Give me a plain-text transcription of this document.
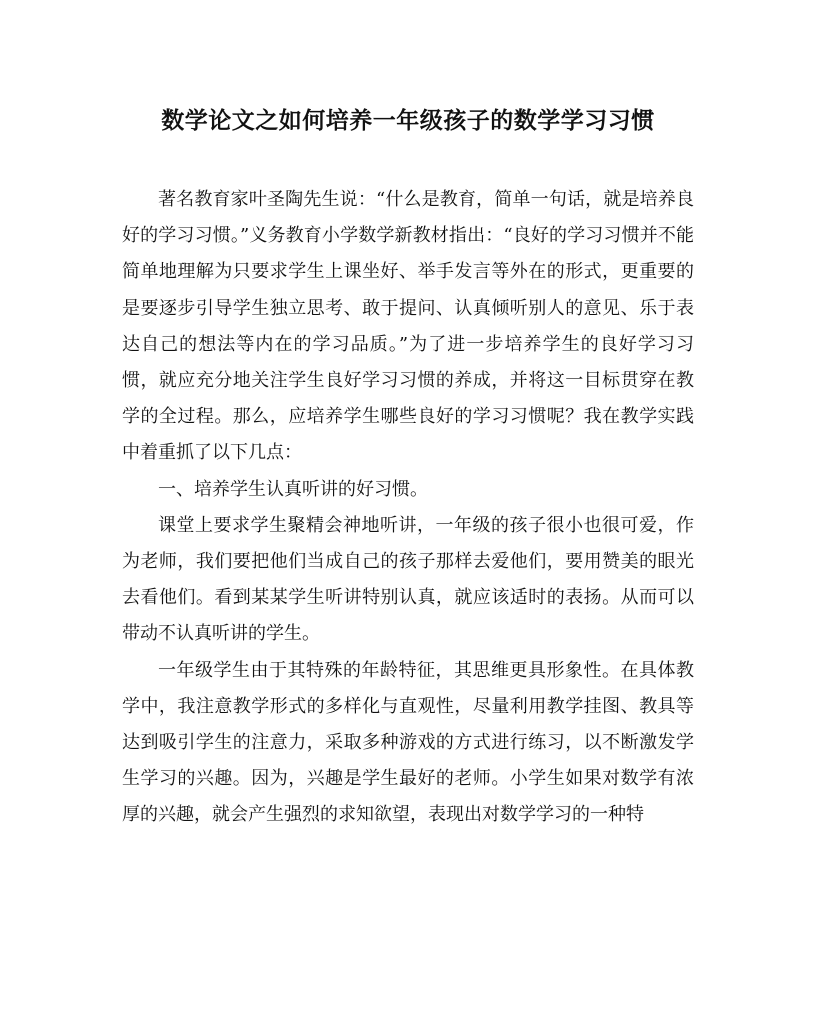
数学论文之如何培养一年级孩子的数学学习习惯

著名教育家叶圣陶先生说：“什么是教育，简单一句话，就是培养良好的学习习惯。”义务教育小学数学新教材指出：“良好的学习习惯并不能简单地理解为只要求学生上课坐好、举手发言等外在的形式，更重要的是要逐步引导学生独立思考、敢于提问、认真倾听别人的意见、乐于表达自己的想法等内在的学习品质。”为了进一步培养学生的良好学习习惯，就应充分地关注学生良好学习习惯的养成，并将这一目标贯穿在教学的全过程。那么，应培养学生哪些良好的学习习惯呢？我在教学实践中着重抓了以下几点：

一、培养学生认真听讲的好习惯。

课堂上要求学生聚精会神地听讲，一年级的孩子很小也很可爱，作为老师，我们要把他们当成自己的孩子那样去爱他们，要用赞美的眼光去看他们。看到某某学生听讲特别认真，就应该适时的表扬。从而可以带动不认真听讲的学生。

一年级学生由于其特殊的年龄特征，其思维更具形象性。在具体教学中，我注意教学形式的多样化与直观性，尽量利用教学挂图、教具等达到吸引学生的注意力，采取多种游戏的方式进行练习，以不断激发学生学习的兴趣。因为，兴趣是学生最好的老师。小学生如果对数学有浓厚的兴趣，就会产生强烈的求知欲望，表现出对数学学习的一种特
